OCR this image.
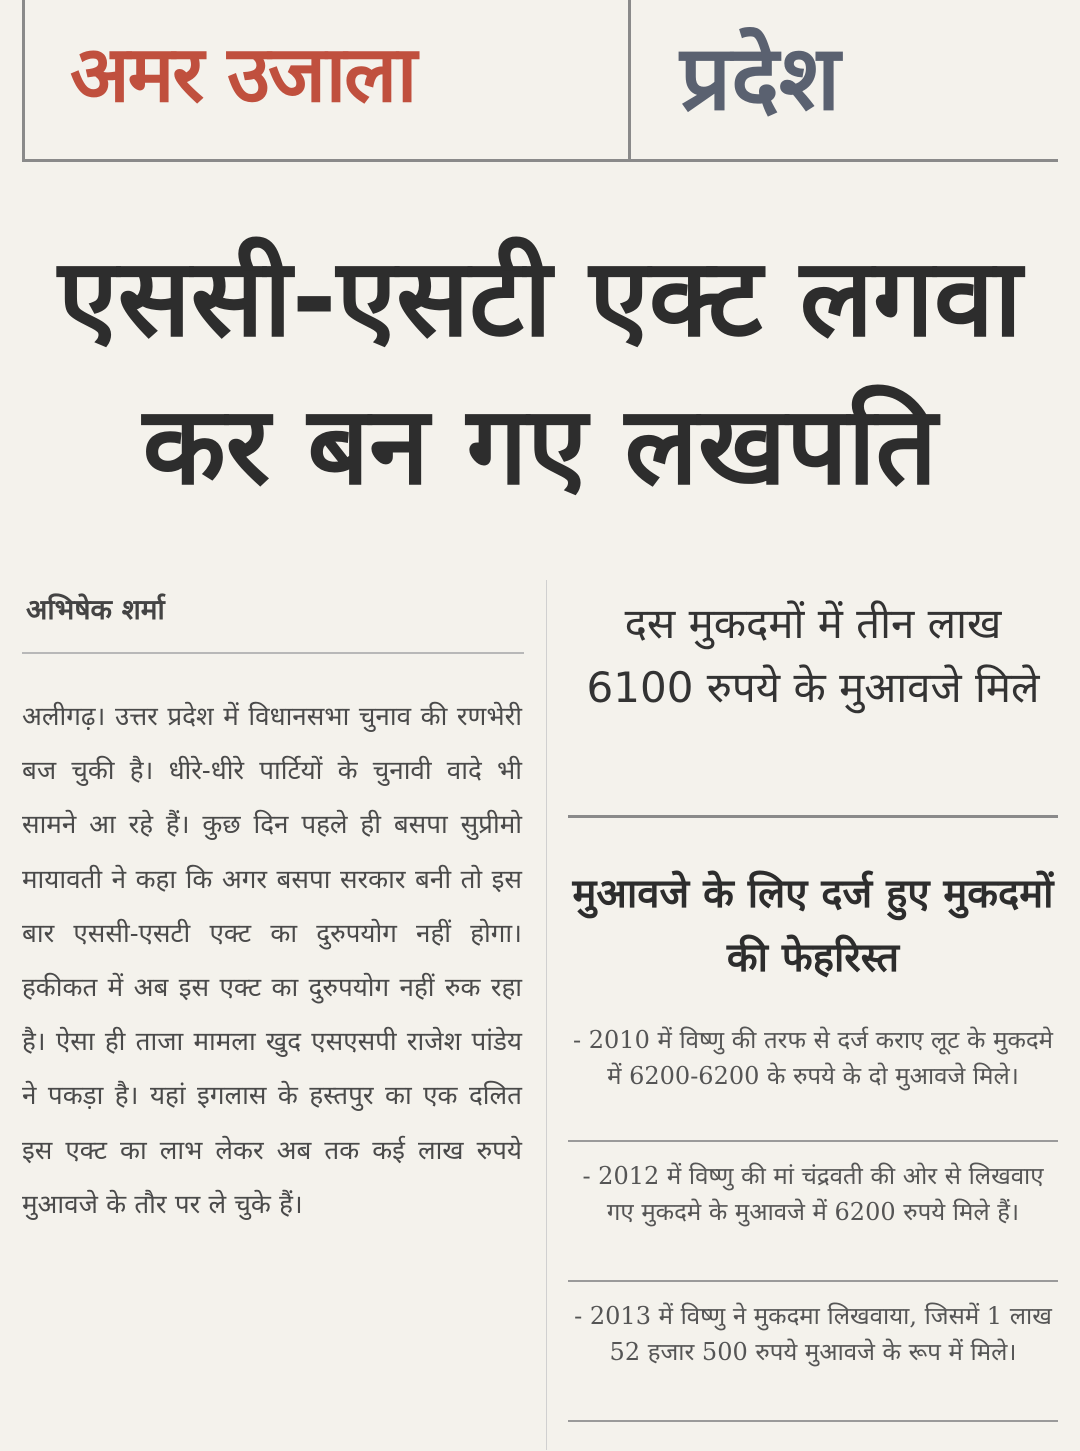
अमर उजाला	प्रदेश
एससी-एसटी एक्ट लगवा
कर बन गए लखपति
अभिषेक शर्मा
अलीगढ़। उत्तर प्रदेश में विधानसभा चुनाव की रणभेरी बज चुकी है। धीरे-धीरे पार्टियों के चुनावी वादे भी सामने आ रहे हैं। कुछ दिन पहले ही बसपा सुप्रीमो मायावती ने कहा कि अगर बसपा सरकार बनी तो इस बार एससी-एसटी एक्ट का दुरुपयोग नहीं होगा। हकीकत में अब इस एक्ट का दुरुपयोग नहीं रुक रहा है। ऐसा ही ताजा मामला खुद एसएसपी राजेश पांडेय ने पकड़ा है। यहां इगलास के हस्तपुर का एक दलित इस एक्ट का लाभ लेकर अब तक कई लाख रुपये मुआवजे के तौर पर ले चुके हैं।
दस मुकदमों में तीन लाख 6100 रुपये के मुआवजे मिले
मुआवजे के लिए दर्ज हुए मुकदमों की फेहरिस्त
- 2010 में विष्णु की तरफ से दर्ज कराए लूट के मुकदमे में 6200-6200 के रुपये के दो मुआवजे मिले।
- 2012 में विष्णु की मां चंद्रवती की ओर से लिखवाए गए मुकदमे के मुआवजे में 6200 रुपये मिले हैं।
- 2013 में विष्णु ने मुकदमा लिखवाया, जिसमें 1 लाख 52 हजार 500 रुपये मुआवजे के रूप में मिले।
